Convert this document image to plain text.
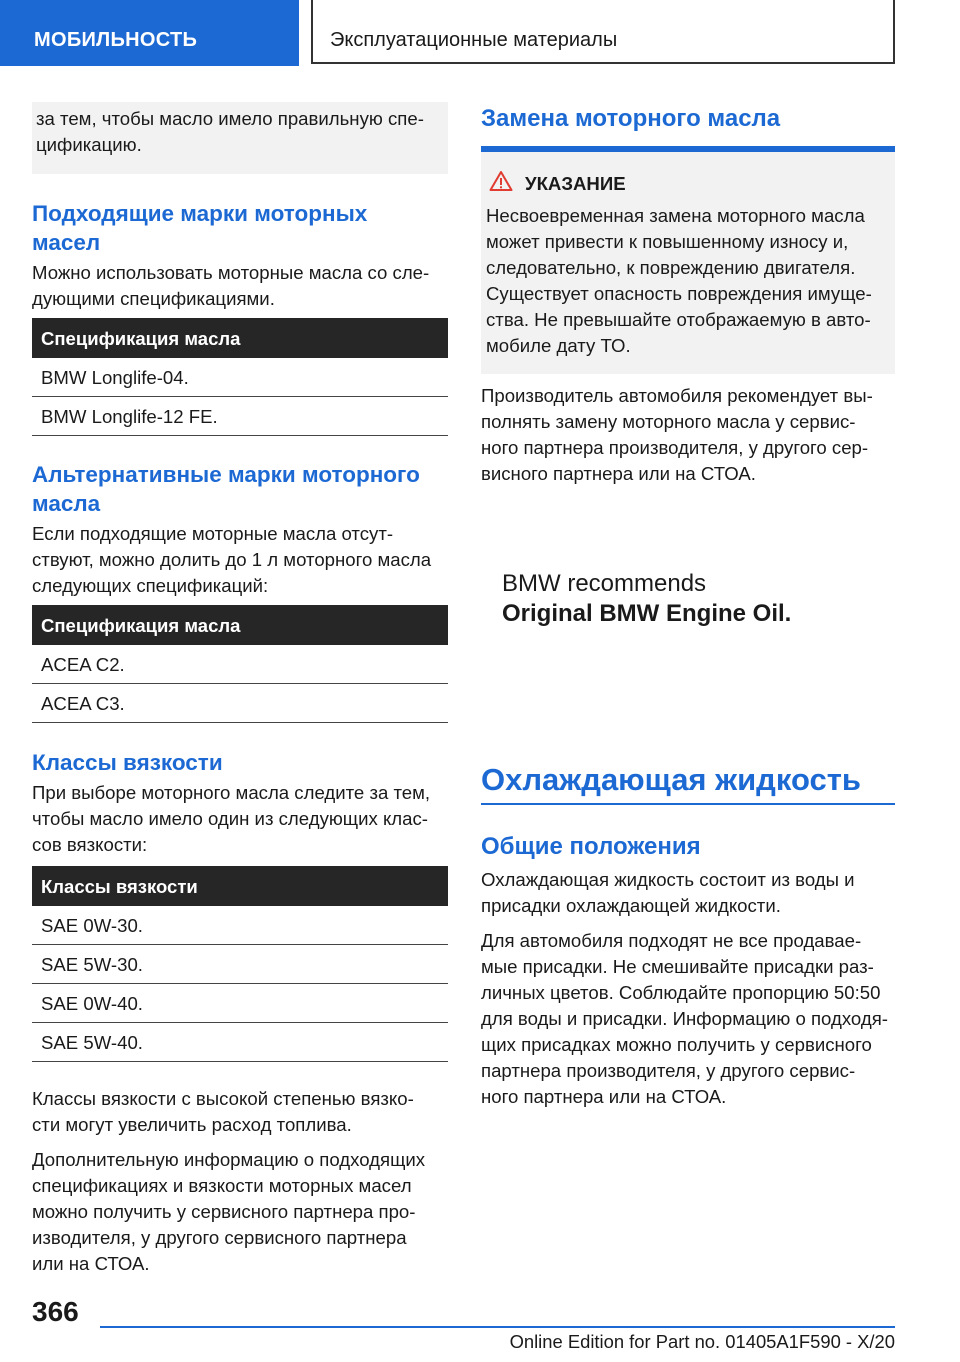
МОБИЛЬНОСТЬ	Эксплуатационные материалы

за тем, чтобы масло имело правильную спе-

цификацию.

Подходящие марки моторных

масел

Можно использовать моторные масла со сле-

дующими спецификациями.

Спецификация масла
BMW Longlife-04.
BMW Longlife-12 FE.

Альтернативные марки моторного

масла

Если подходящие моторные масла отсут-

ствуют, можно долить до 1 л моторного масла

следующих спецификаций:

Спецификация масла
ACEA C2.
ACEA C3.

Классы вязкости

При выборе моторного масла следите за тем,

чтобы масло имело один из следующих клас-

сов вязкости:

Классы вязкости
SAE 0W-30.
SAE 5W-30.
SAE 0W-40.
SAE 5W-40.

Классы вязкости с высокой степенью вязко-

сти могут увеличить расход топлива.

Дополнительную информацию о подходящих

спецификациях и вязкости моторных масел

можно получить у сервисного партнера про-

изводителя, у другого сервисного партнера

или на СТОА.

Замена моторного масла

УКАЗАНИЕ

Несвоевременная замена моторного масла

может привести к повышенному износу и,

следовательно, к повреждению двигателя.

Существует опасность повреждения имуще-

ства. Не превышайте отображаемую в авто-

мобиле дату ТО.

Производитель автомобиля рекомендует вы-

полнять замену моторного масла у сервис-

ного партнера производителя, у другого сер-

висного партнера или на СТОА.

BMW recommends
Original BMW Engine Oil.

Охлаждающая жидкость

Общие положения

Охлаждающая жидкость состоит из воды и

присадки охлаждающей жидкости.

Для автомобиля подходят не все продавае-

мые присадки. Не смешивайте присадки раз-

личных цветов. Соблюдайте пропорцию 50:50

для воды и присадки. Информацию о подходя-

щих присадках можно получить у сервисного

партнера производителя, у другого сервис-

ного партнера или на СТОА.

366
Online Edition for Part no. 01405A1F590 - X/20
